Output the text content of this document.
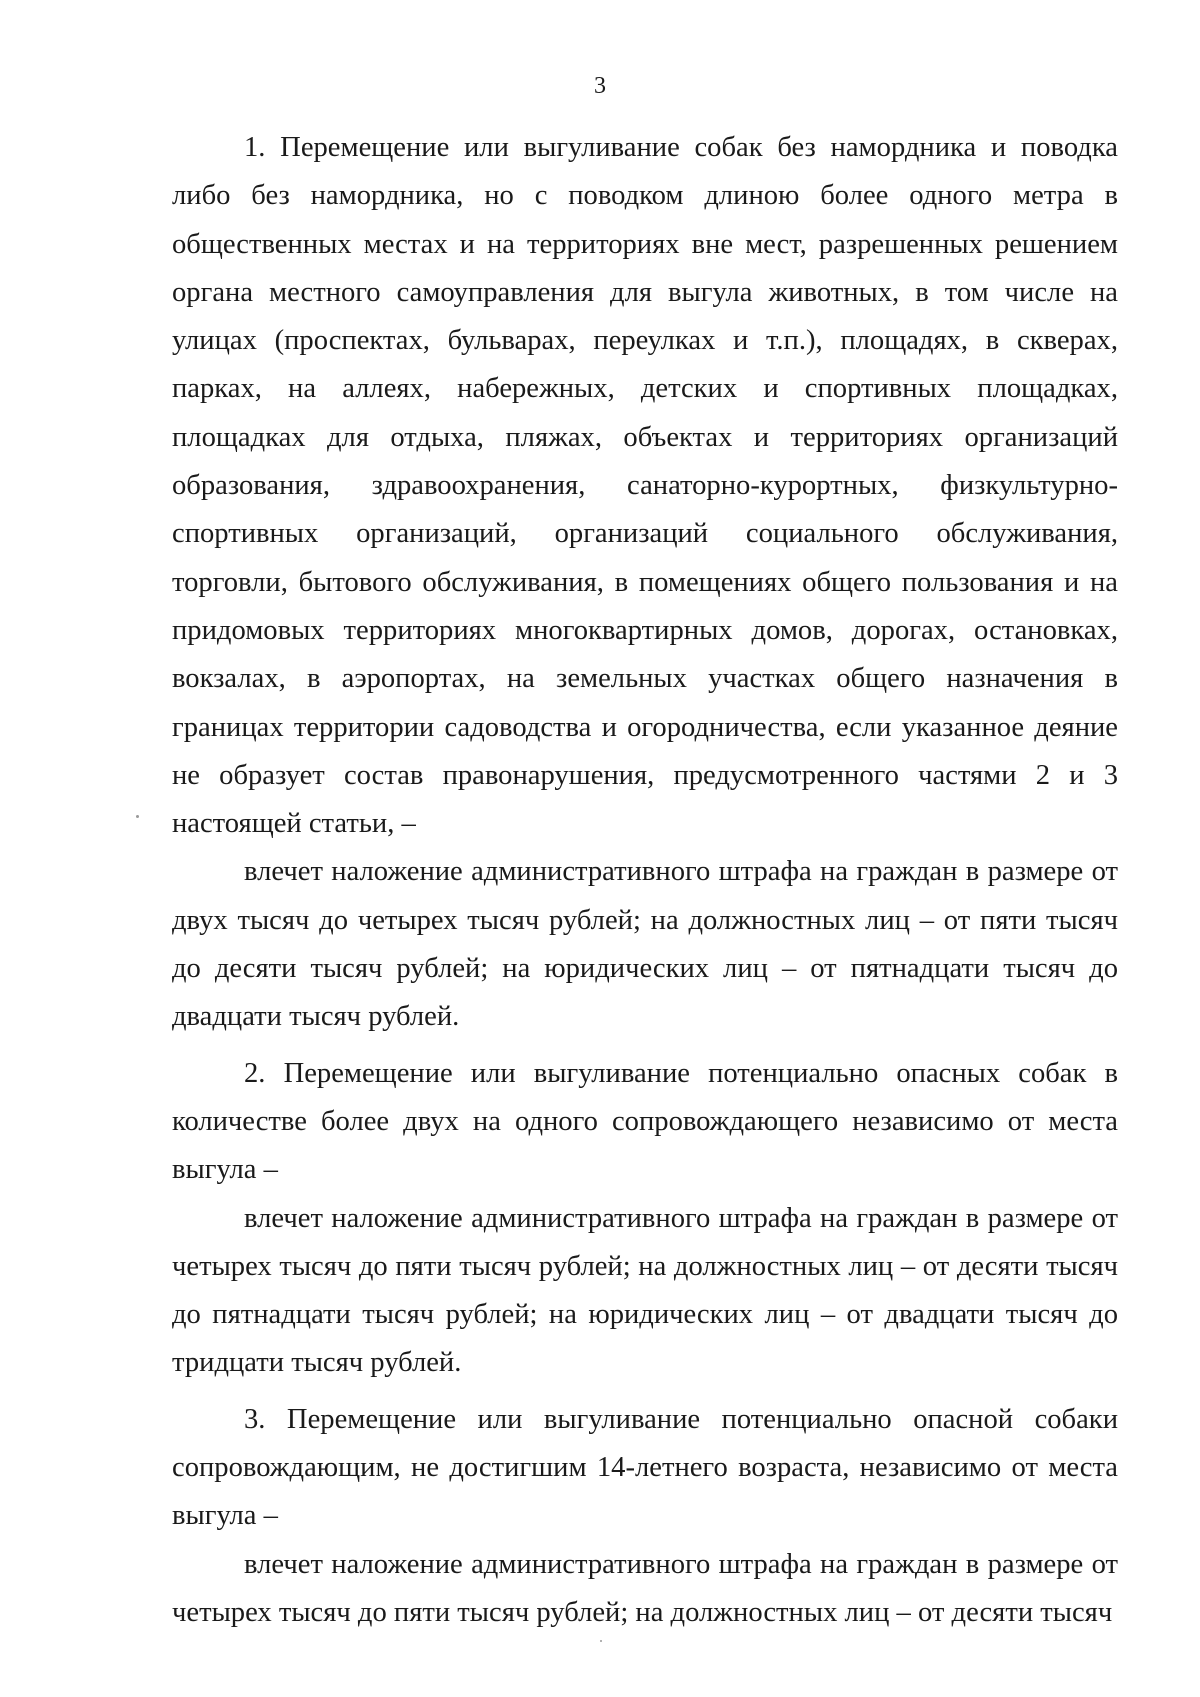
3

1. Перемещение или выгуливание собак без намордника и поводка либо без намордника, но с поводком длиною более одного метра в общественных местах и на территориях вне мест, разрешенных решением органа местного самоуправления для выгула животных, в том числе на улицах (проспектах, бульварах, переулках и т.п.), площадях, в скверах, парках, на аллеях, набережных, детских и спортивных площадках, площадках для отдыха, пляжах, объектах и территориях организаций образования, здравоохранения, санаторно-курортных, физкультурно-спортивных организаций, организаций социального обслуживания, торговли, бытового обслуживания, в помещениях общего пользования и на придомовых территориях многоквартирных домов, дорогах, остановках, вокзалах, в аэропортах, на земельных участках общего назначения в границах территории садоводства и огородничества, если указанное деяние не образует состав правонарушения, предусмотренного частями 2 и 3 настоящей статьи, –

влечет наложение административного штрафа на граждан в размере от двух тысяч до четырех тысяч рублей; на должностных лиц – от пяти тысяч до десяти тысяч рублей; на юридических лиц – от пятнадцати тысяч до двадцати тысяч рублей.

2. Перемещение или выгуливание потенциально опасных собак в количестве более двух на одного сопровождающего независимо от места выгула –

влечет наложение административного штрафа на граждан в размере от четырех тысяч до пяти тысяч рублей; на должностных лиц – от десяти тысяч до пятнадцати тысяч рублей; на юридических лиц – от двадцати тысяч до тридцати тысяч рублей.

3. Перемещение или выгуливание потенциально опасной собаки сопровождающим, не достигшим 14-летнего возраста, независимо от места выгула –

влечет наложение административного штрафа на граждан в размере от четырех тысяч до пяти тысяч рублей; на должностных лиц – от десяти тысяч
